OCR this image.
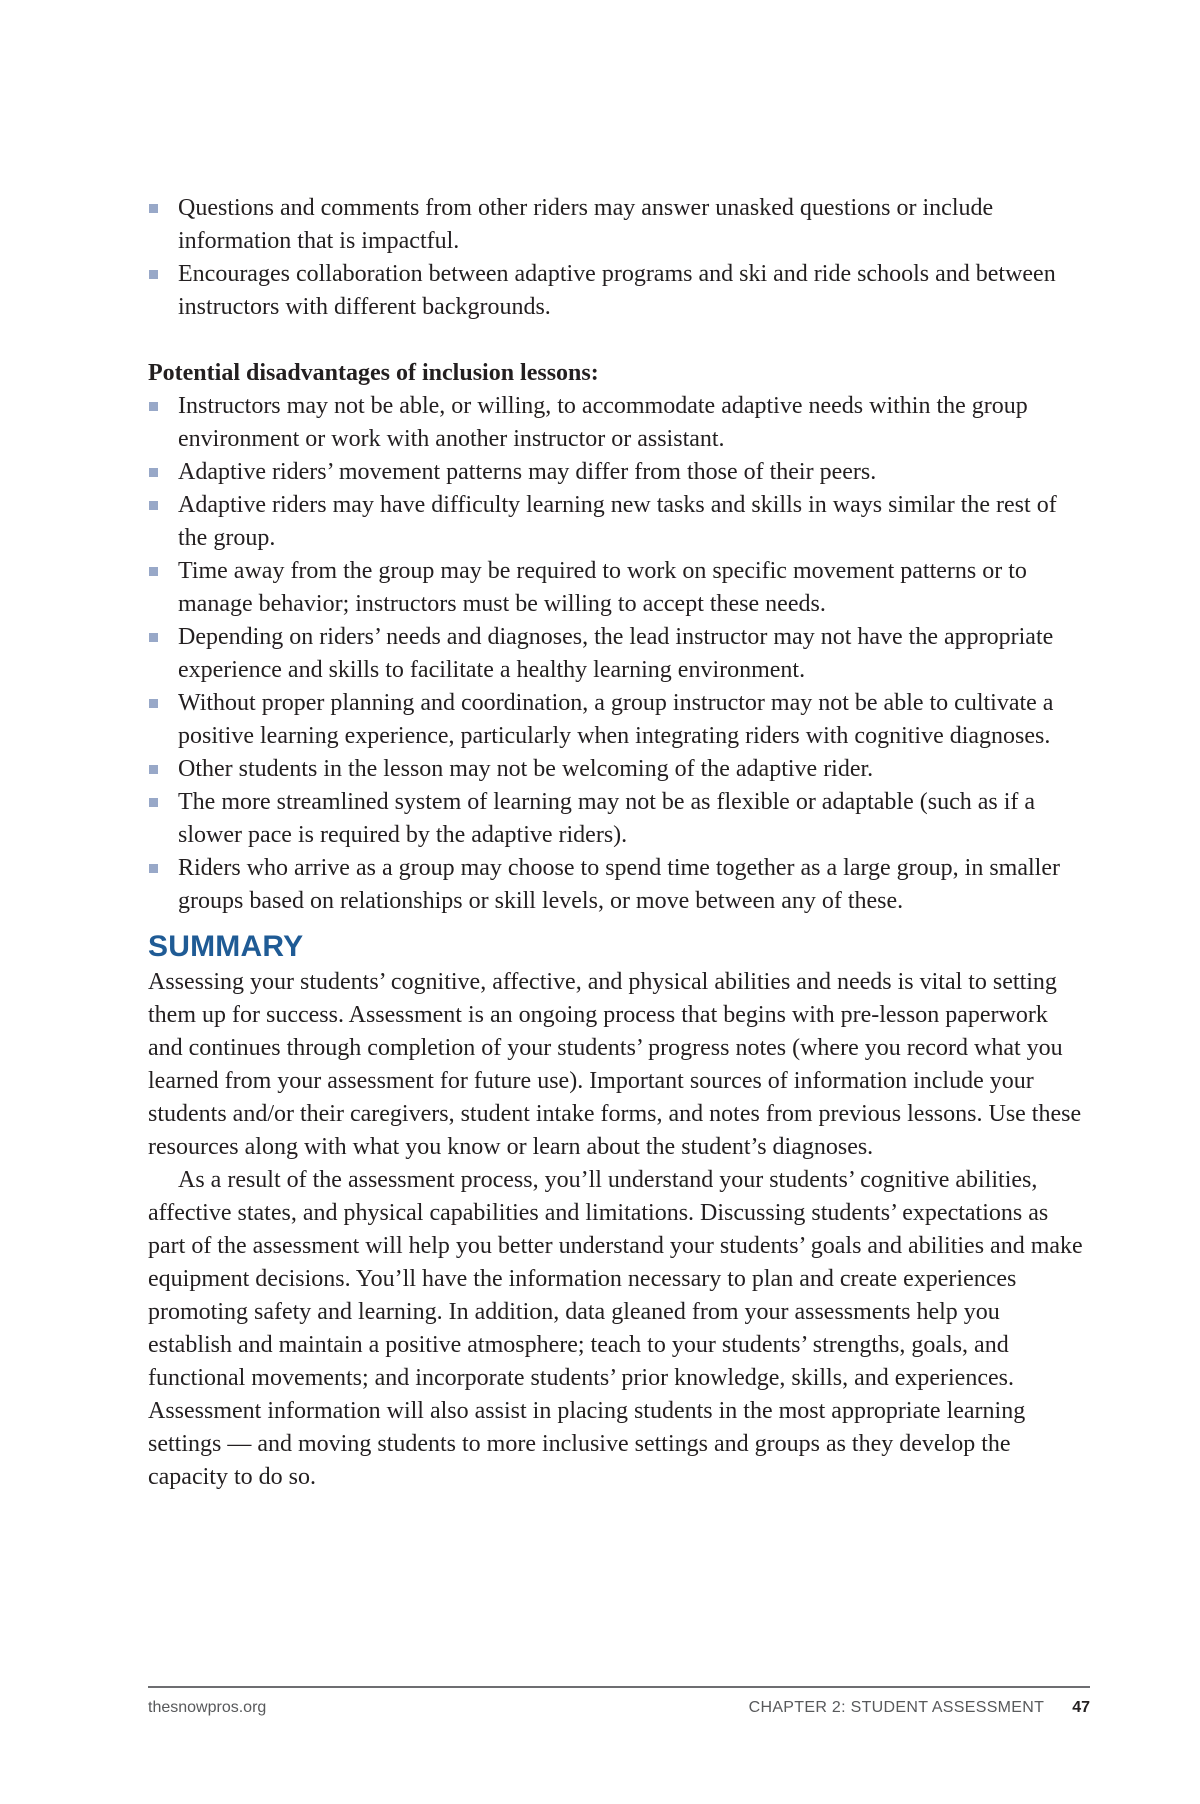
Questions and comments from other riders may answer unasked questions or include information that is impactful.
Encourages collaboration between adaptive programs and ski and ride schools and between instructors with different backgrounds.
Potential disadvantages of inclusion lessons:
Instructors may not be able, or willing, to accommodate adaptive needs within the group environment or work with another instructor or assistant.
Adaptive riders’ movement patterns may differ from those of their peers.
Adaptive riders may have difficulty learning new tasks and skills in ways similar the rest of the group.
Time away from the group may be required to work on specific movement patterns or to manage behavior; instructors must be willing to accept these needs.
Depending on riders’ needs and diagnoses, the lead instructor may not have the appropriate experience and skills to facilitate a healthy learning environment.
Without proper planning and coordination, a group instructor may not be able to cultivate a positive learning experience, particularly when integrating riders with cognitive diagnoses.
Other students in the lesson may not be welcoming of the adaptive rider.
The more streamlined system of learning may not be as flexible or adaptable (such as if a slower pace is required by the adaptive riders).
Riders who arrive as a group may choose to spend time together as a large group, in smaller groups based on relationships or skill levels, or move between any of these.
SUMMARY

Assessing your students’ cognitive, affective, and physical abilities and needs is vital to setting them up for success. Assessment is an ongoing process that begins with pre-lesson paperwork and continues through completion of your students’ progress notes (where you record what you learned from your assessment for future use). Important sources of information include your students and/or their caregivers, student intake forms, and notes from previous lessons. Use these resources along with what you know or learn about the student’s diagnoses.

As a result of the assessment process, you’ll understand your students’ cognitive abilities, affective states, and physical capabilities and limitations. Discussing students’ expectations as part of the assessment will help you better understand your students’ goals and abilities and make equipment decisions. You’ll have the information necessary to plan and create experiences promoting safety and learning. In addition, data gleaned from your assessments help you establish and maintain a positive atmosphere; teach to your students’ strengths, goals, and functional movements; and incorporate students’ prior knowledge, skills, and experiences. Assessment information will also assist in placing students in the most appropriate learning settings — and moving students to more inclusive settings and groups as they develop the capacity to do so.

thesnowpros.org	CHAPTER 2: STUDENT ASSESSMENT 47
